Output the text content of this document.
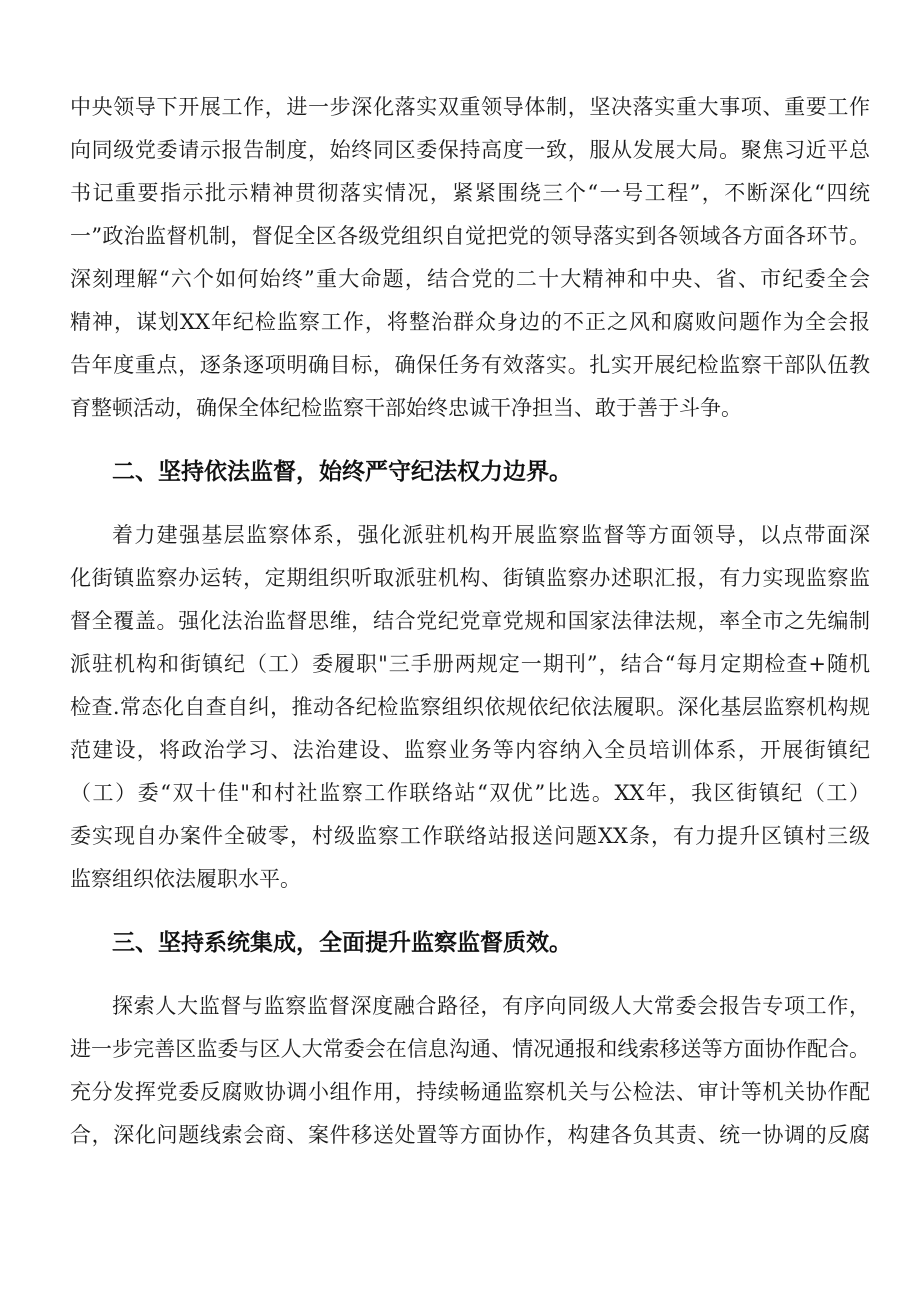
中央领导下开展工作，进一步深化落实双重领导体制，坚决落实重大事项、重要工作
向同级党委请示报告制度，始终同区委保持高度一致，服从发展大局。聚焦习近平总
书记重要指示批示精神贯彻落实情况，紧紧围绕三个“一号工程”，不断深化“四统
一”政治监督机制，督促全区各级党组织自觉把党的领导落实到各领域各方面各环节。
深刻理解“六个如何始终”重大命题，结合党的二十大精神和中央、省、市纪委全会
精神，谋划XX年纪检监察工作，将整治群众身边的不正之风和腐败问题作为全会报
告年度重点，逐条逐项明确目标，确保任务有效落实。扎实开展纪检监察干部队伍教
育整顿活动，确保全体纪检监察干部始终忠诚干净担当、敢于善于斗争。
二、坚持依法监督，始终严守纪法权力边界。
着力建强基层监察体系，强化派驻机构开展监察监督等方面领导，以点带面深
化街镇监察办运转，定期组织听取派驻机构、街镇监察办述职汇报，有力实现监察监
督全覆盖。强化法治监督思维，结合党纪党章党规和国家法律法规，率全市之先编制
派驻机构和街镇纪（工）委履职"三手册两规定一期刊”，结合“每月定期检查+随机
检查.常态化自查自纠，推动各纪检监察组织依规依纪依法履职。深化基层监察机构规
范建设，将政治学习、法治建设、监察业务等内容纳入全员培训体系，开展街镇纪
（工）委“双十佳"和村社监察工作联络站“双优”比选。XX年，我区街镇纪（工）
委实现自办案件全破零，村级监察工作联络站报送问题XX条，有力提升区镇村三级
监察组织依法履职水平。
三、坚持系统集成，全面提升监察监督质效。
探索人大监督与监察监督深度融合路径，有序向同级人大常委会报告专项工作，
进一步完善区监委与区人大常委会在信息沟通、情况通报和线索移送等方面协作配合。
充分发挥党委反腐败协调小组作用，持续畅通监察机关与公检法、审计等机关协作配
合，深化问题线索会商、案件移送处置等方面协作，构建各负其责、统一协调的反腐
